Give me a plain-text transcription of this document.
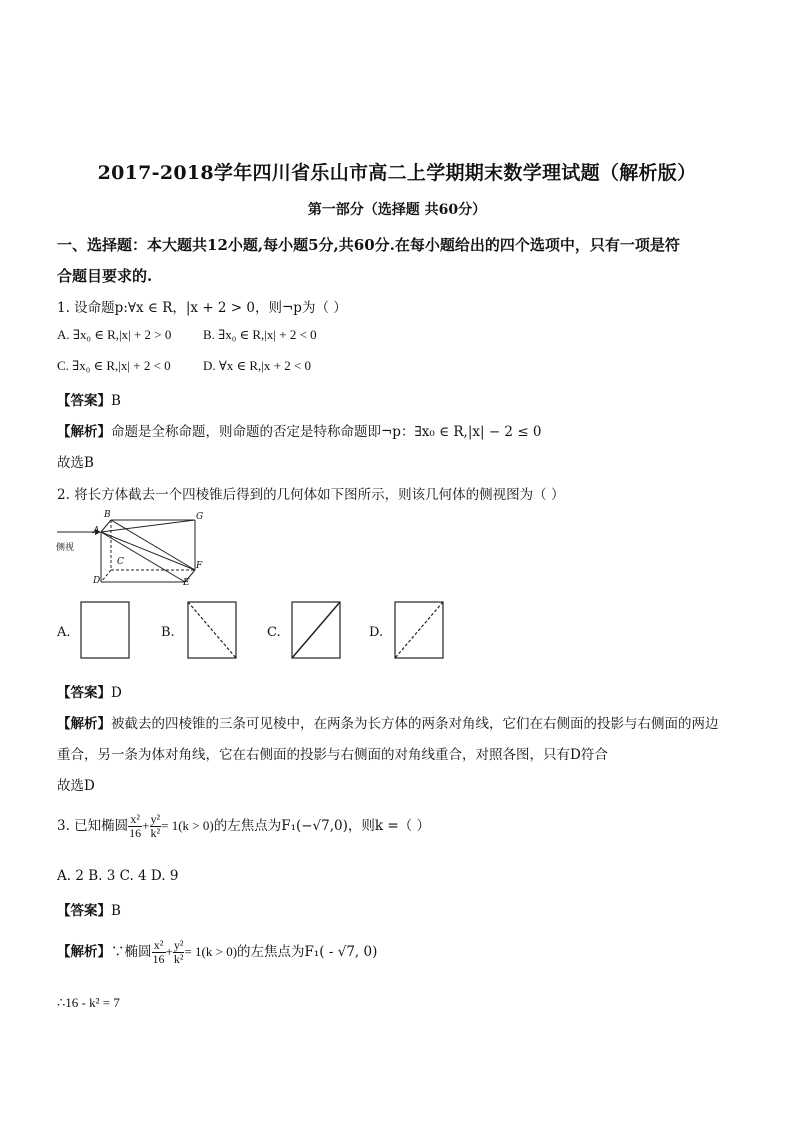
2017-2018学年四川省乐山市高二上学期期末数学理试题（解析版）
第一部分（选择题 共60分）
一、选择题：本大题共12小题,每小题5分,共60分.在每小题给出的四个选项中，只有一项是符
合题目要求的.
1. 设命题p:∀x ∈ R，|x + 2 > 0，则¬p为（ ）
A. ∃x₀ ∈ R,|x| + 2 > 0 B. ∃x₀ ∈ R,|x| + 2 < 0
C. ∃x₀ ∈ R,|x| + 2 < 0 D. ∀x ∈ R,|x + 2 < 0
【答案】B
【解析】命题是全称命题，则命题的否定是特称命题即¬p：∃x₀ ∈ R,|x| − 2 ≤ 0
故选B
2. 将长方体截去一个四棱锥后得到的几何体如下图所示，则该几何体的侧视图为（ ）
侧视
B	G
A
C	F
D	E
A.	B.	C.	D.
【答案】D
【解析】被截去的四棱锥的三条可见棱中，在两条为长方体的两条对角线，它们在右侧面的投影与右侧面的两边
重合，另一条为体对角线，它在右侧面的投影与右侧面的对角线重合，对照各图，只有D符合
故选D
3. 已知椭圆 $\frac{\text{x²}}{16} + \frac{\text{y²}}{\text{k²}} = 1(k > 0)$的左焦点为F₁(−√7,0)，则k =（ ）
A. 2 B. 3 C. 4 D. 9
【答案】B
【解析】∵椭圆 $\frac{\text{x²}}{16} + \frac{\text{y²}}{\text{k²}} = 1(k > 0)$的左焦点为F₁( - √7, 0)
∴16 - k² = 7
